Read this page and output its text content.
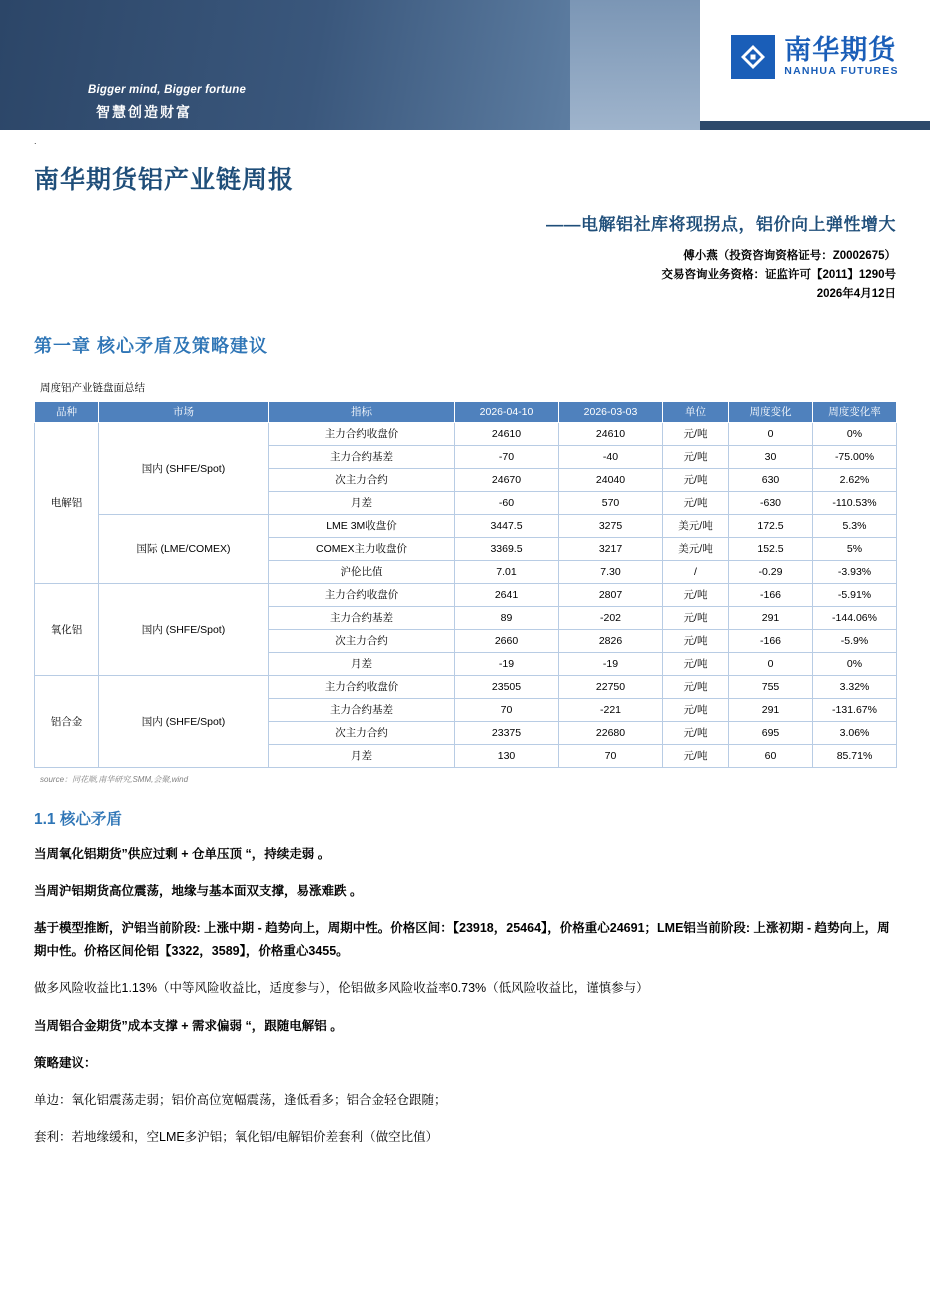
Bigger mind, Bigger fortune
智慧创造财富
南华期货
NANHUA FUTURES
.
南华期货铝产业链周报
——电解铝社库将现拐点，铝价向上弹性增大
傅小燕（投资咨询资格证号：Z0002675）
交易咨询业务资格：证监许可【2011】1290号
2026年4月12日
第一章 核心矛盾及策略建议
周度铝产业链盘面总结
品种	市场	指标	2026-04-10	2026-03-03	单位	周度变化	周度变化率
电解铝	国内 (SHFE/Spot)	主力合约收盘价	24610	24610	元/吨	0	0%
		主力合约基差	-70	-40	元/吨	30	-75.00%
		次主力合约	24670	24040	元/吨	630	2.62%
		月差	-60	570	元/吨	-630	-110.53%
	国际 (LME/COMEX)	LME 3M收盘价	3447.5	3275	美元/吨	172.5	5.3%
		COMEX主力收盘价	3369.5	3217	美元/吨	152.5	5%
		沪伦比值	7.01	7.30	/	-0.29	-3.93%
氧化铝	国内 (SHFE/Spot)	主力合约收盘价	2641	2807	元/吨	-166	-5.91%
		主力合约基差	89	-202	元/吨	291	-144.06%
		次主力合约	2660	2826	元/吨	-166	-5.9%
		月差	-19	-19	元/吨	0	0%
铝合金	国内 (SHFE/Spot)	主力合约收盘价	23505	22750	元/吨	755	3.32%
		主力合约基差	70	-221	元/吨	291	-131.67%
		次主力合约	23375	22680	元/吨	695	3.06%
		月差	130	70	元/吨	60	85.71%
source：同花顺,南华研究,SMM,会聚,wind
1.1 核心矛盾
当周氧化铝期货”供应过剩 + 仓单压顶 “，持续走弱 。
当周沪铝期货高位震荡，地缘与基本面双支撑，易涨难跌 。
基于模型推断，沪铝当前阶段: 上涨中期 - 趋势向上，周期中性。价格区间：【23918，25464】，价格重心24691；LME铝当前阶段: 上涨初期 - 趋势向上，周期中性。价格区间伦铝【3322，3589】，价格重心3455。
做多风险收益比1.13%（中等风险收益比，适度参与），伦铝做多风险收益率0.73%（低风险收益比，谨慎参与）
当周铝合金期货”成本支撑 + 需求偏弱 “，跟随电解铝 。
策略建议：
单边：氧化铝震荡走弱；铝价高位宽幅震荡，逢低看多；铝合金轻仓跟随；
套利：若地缘缓和，空LME多沪铝；氧化铝/电解铝价差套利（做空比值）
